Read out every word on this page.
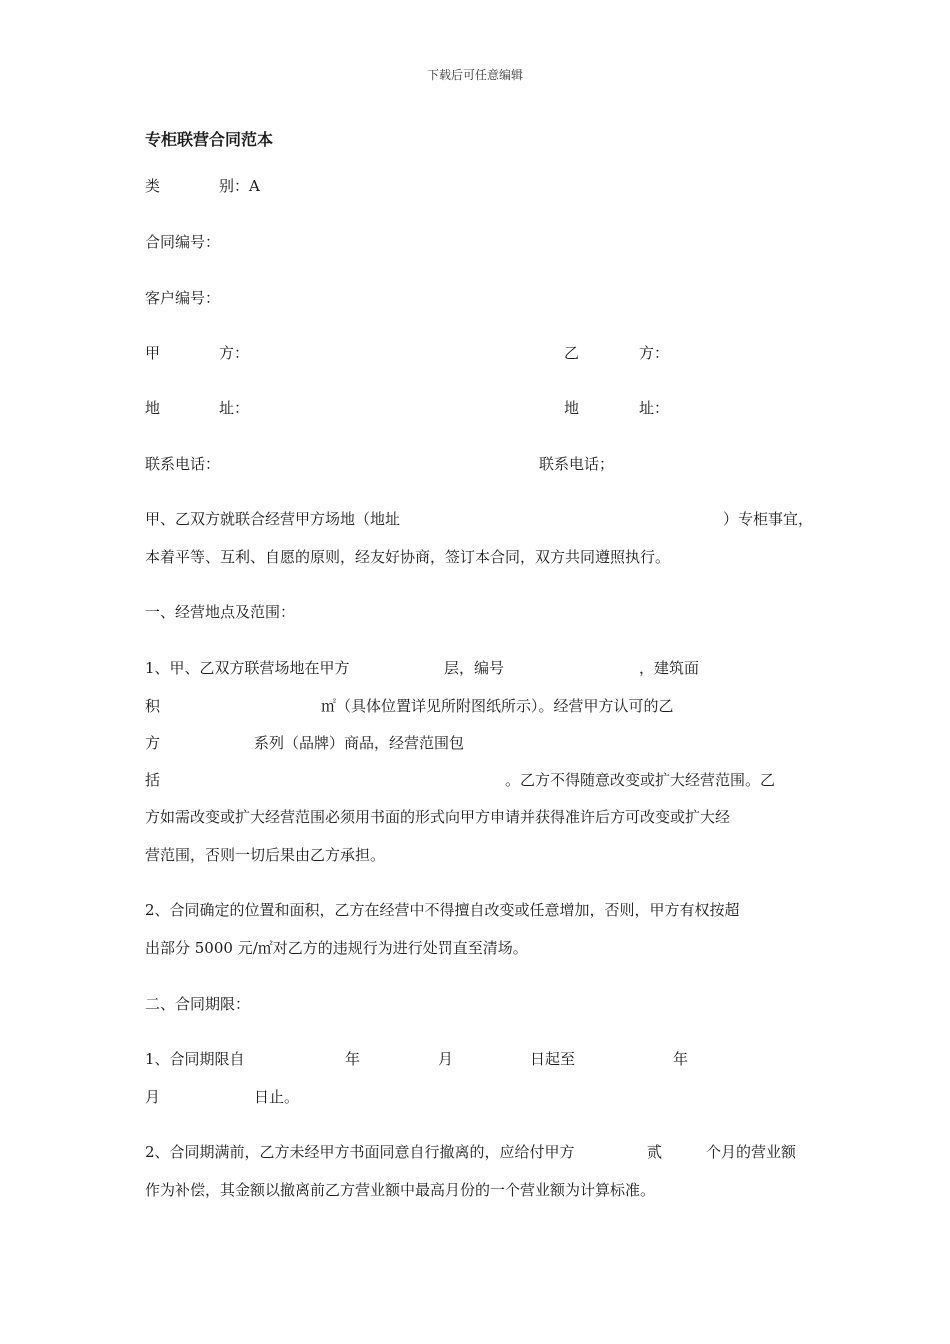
下载后可任意编辑
专柜联营合同范本
类	别：A
合同编号：
客户编号：
甲	方：	乙	方：
地	址：	地	址：
联系电话：	联系电话；
甲、乙双方就联合经营甲方场地（地址	）专柜事宜，
本着平等、互利、自愿的原则，经友好协商，签订本合同，双方共同遵照执行。
一、经营地点及范围：
1、甲、乙双方联营场地在甲方	层，编号	，建筑面
积	㎡（具体位置详见所附图纸所示）。经营甲方认可的乙
方	系列（品牌）商品，经营范围包
括	。乙方不得随意改变或扩大经营范围。乙
方如需改变或扩大经营范围必须用书面的形式向甲方申请并获得准许后方可改变或扩大经
营范围，否则一切后果由乙方承担。
2、合同确定的位置和面积，乙方在经营中不得擅自改变或任意增加，否则，甲方有权按超
出部分 5000 元/㎡对乙方的违规行为进行处罚直至清场。
二、合同期限：
1、合同期限自	年	月	日起至	年
月	日止。
2、合同期满前，乙方未经甲方书面同意自行撤离的，应给付甲方	贰	个月的营业额
作为补偿，其金额以撤离前乙方营业额中最高月份的一个营业额为计算标准。
